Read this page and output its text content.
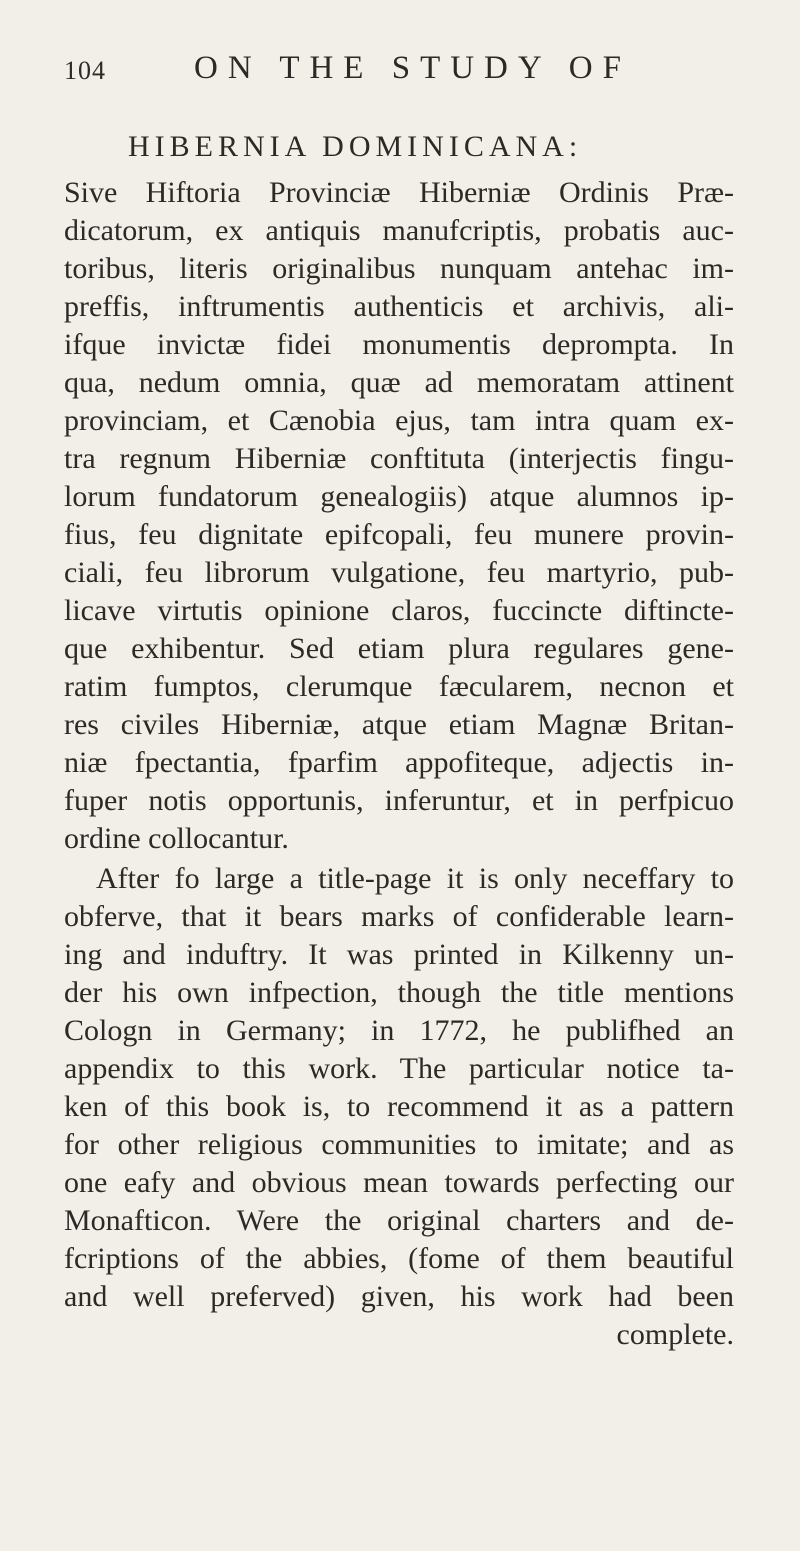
104	ON THE STUDY OF
HIBERNIA DOMINICANA:
Sive Hiftoria Provinciæ Hiberniæ Ordinis Præ-
dicatorum, ex antiquis manufcriptis, probatis auc-
toribus, literis originalibus nunquam antehac im-
preffis, inftrumentis authenticis et archivis, ali-
ifque invictæ fidei monumentis deprompta. In
qua, nedum omnia, quæ ad memoratam attinent
provinciam, et Cænobia ejus, tam intra quam ex-
tra regnum Hiberniæ conftituta (interjectis fingu-
lorum fundatorum genealogiis) atque alumnos ip-
fius, feu dignitate epifcopali, feu munere provin-
ciali, feu librorum vulgatione, feu martyrio, pub-
licave virtutis opinione claros, fuccincte diftincte-
que exhibentur. Sed etiam plura regulares gene-
ratim fumptos, clerumque fæcularem, necnon et
res civiles Hiberniæ, atque etiam Magnæ Britan-
niæ fpectantia, fparfim appofiteque, adjectis in-
fuper notis opportunis, inferuntur, et in perfpicuo
ordine collocantur.
After fo large a title-page it is only neceffary to
obferve, that it bears marks of confiderable learn-
ing and induftry. It was printed in Kilkenny un-
der his own infpection, though the title mentions
Cologn in Germany; in 1772, he publifhed an
appendix to this work. The particular notice ta-
ken of this book is, to recommend it as a pattern
for other religious communities to imitate; and as
one eafy and obvious mean towards perfecting our
Monafticon. Were the original charters and de-
fcriptions of the abbies, (fome of them beautiful
and well preferved) given, his work had been
complete.
